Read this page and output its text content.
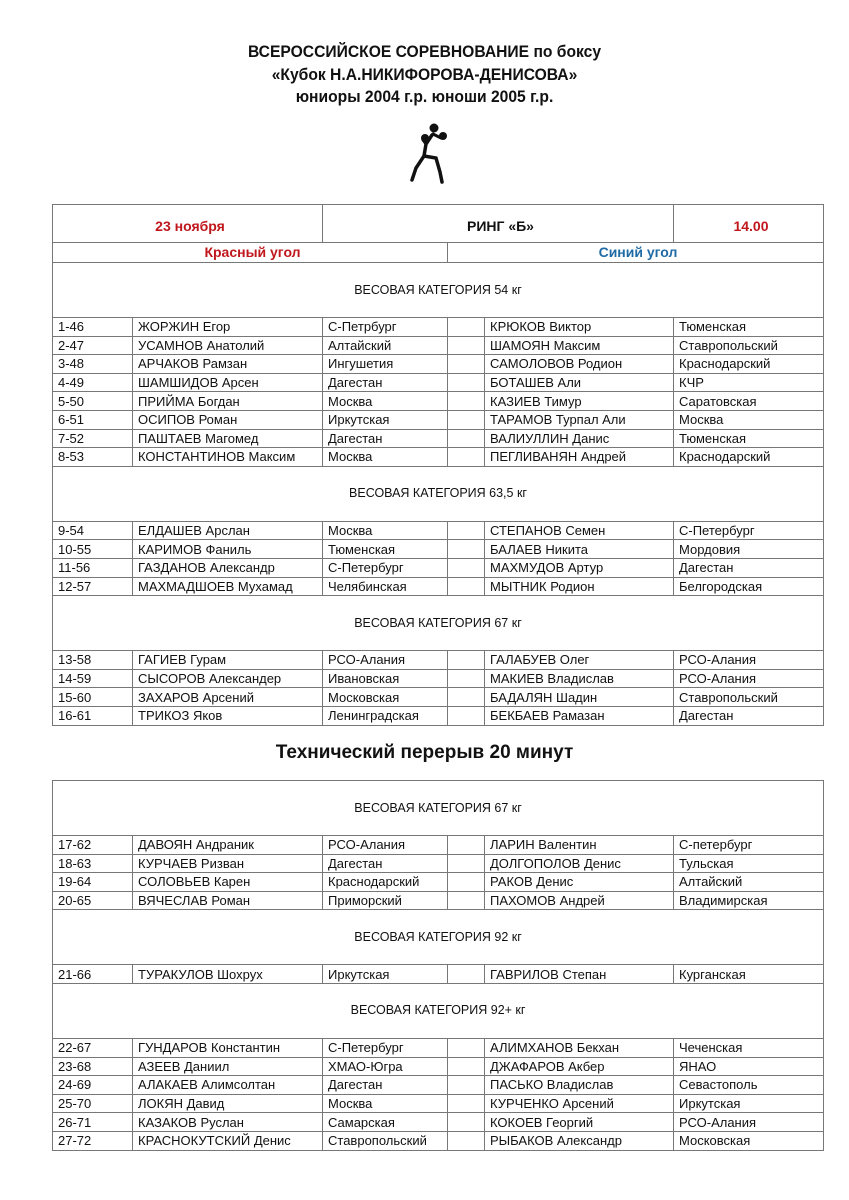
ВСЕРОССИЙСКОЕ СОРЕВНОВАНИЕ по боксу
«Кубок Н.А.НИКИФОРОВА-ДЕНИСОВА»
юниоры 2004 г.р. юноши 2005 г.р.
23 ноября		РИНГ «Б»			14.00
Красный угол			Синий угол		
ВЕСОВАЯ КАТЕГОРИЯ 54 кг					
1-46	ЖОРЖИН Егор	С-Петрбург		КРЮКОВ Виктор	Тюменская
2-47	УСАМНОВ Анатолий	Алтайский		ШАМОЯН Максим	Ставропольский
3-48	АРЧАКОВ Рамзан	Ингушетия		САМОЛОВОВ Родион	Краснодарский
4-49	ШАМШИДОВ Арсен	Дагестан		БОТАШЕВ Али	КЧР
5-50	ПРИЙМА Богдан	Москва		КАЗИЕВ Тимур	Саратовская
6-51	ОСИПОВ Роман	Иркутская		ТАРАМОВ Турпал Али	Москва
7-52	ПАШТАЕВ Магомед	Дагестан		ВАЛИУЛЛИН Данис	Тюменская
8-53	КОНСТАНТИНОВ Максим	Москва		ПЕГЛИВАНЯН Андрей	Краснодарский
ВЕСОВАЯ КАТЕГОРИЯ 63,5 кг					
9-54	ЕЛДАШЕВ Арслан	Москва		СТЕПАНОВ Семен	С-Петербург
10-55	КАРИМОВ Фаниль	Тюменская		БАЛАЕВ Никита	Мордовия
11-56	ГАЗДАНОВ Александр	С-Петербург		МАХМУДОВ Артур	Дагестан
12-57	МАХМАДШОЕВ Мухамад	Челябинская		МЫТНИК Родион	Белгородская
ВЕСОВАЯ КАТЕГОРИЯ 67 кг					
13-58	ГАГИЕВ Гурам	РСО-Алания		ГАЛАБУЕВ Олег	РСО-Алания
14-59	СЫСОРОВ Александер	Ивановская		МАКИЕВ Владислав	РСО-Алания
15-60	ЗАХАРОВ Арсений	Московская		БАДАЛЯН Шадин	Ставропольский
16-61	ТРИКОЗ Яков	Ленинградская		БЕКБАЕВ Рамазан	Дагестан
Технический перерыв 20 минут
ВЕСОВАЯ КАТЕГОРИЯ 67 кг					
17-62	ДАВОЯН Андраник	РСО-Алания		ЛАРИН Валентин	С-петербург
18-63	КУРЧАЕВ Ризван	Дагестан		ДОЛГОПОЛОВ Денис	Тульская
19-64	СОЛОВЬЕВ Карен	Краснодарский		РАКОВ Денис	Алтайский
20-65	ВЯЧЕСЛАВ Роман	Приморский		ПАХОМОВ Андрей	Владимирская
ВЕСОВАЯ КАТЕГОРИЯ 92 кг					
21-66	ТУРАКУЛОВ Шохрух	Иркутская		ГАВРИЛОВ Степан	Курганская
ВЕСОВАЯ КАТЕГОРИЯ 92+ кг					
22-67	ГУНДАРОВ Константин	С-Петербург		АЛИМХАНОВ Бекхан	Чеченская
23-68	АЗЕЕВ Даниил	ХМАО-Югра		ДЖАФАРОВ Акбер	ЯНАО
24-69	АЛАКАЕВ Алимсолтан	Дагестан		ПАСЬКО Владислав	Севастополь
25-70	ЛОКЯН Давид	Москва		КУРЧЕНКО Арсений	Иркутская
26-71	КАЗАКОВ Руслан	Самарская		КОКОЕВ Георгий	РСО-Алания
27-72	КРАСНОКУТСКИЙ Денис	Ставропольский		РЫБАКОВ Александр	Московская
